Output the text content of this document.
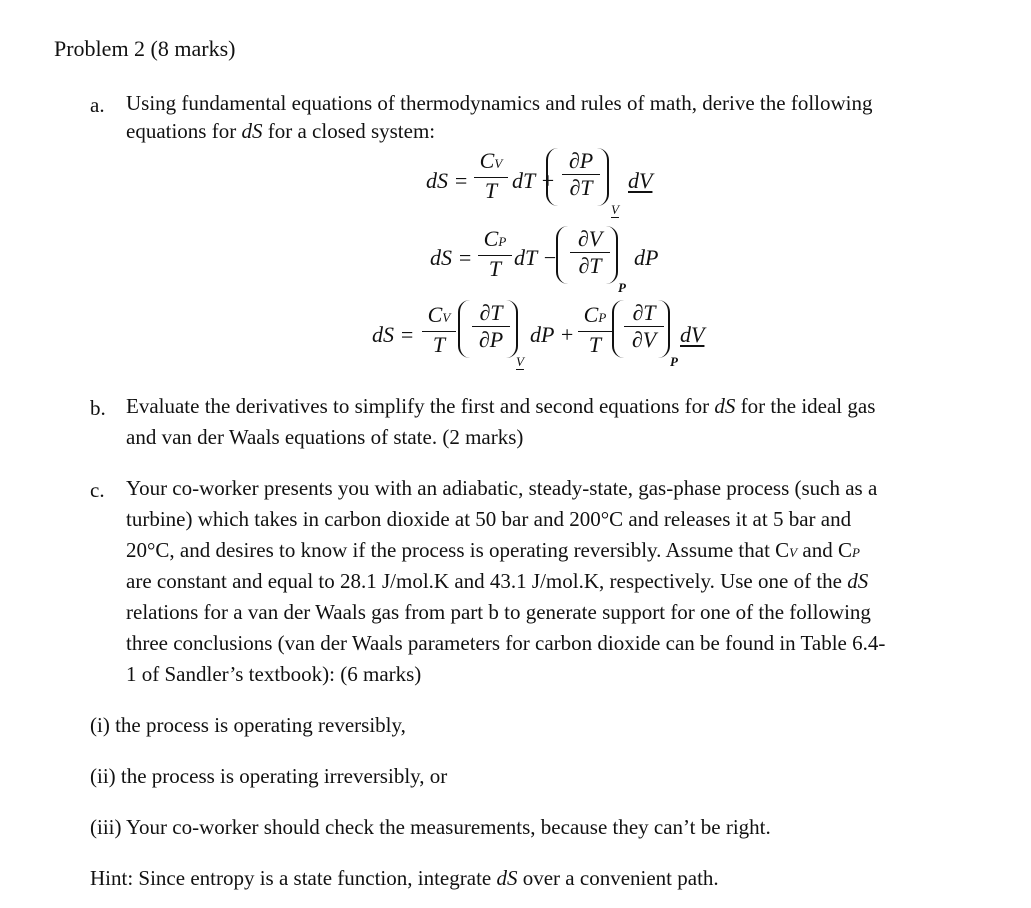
Problem 2 (8 marks)
a. Using fundamental equations of thermodynamics and rules of math, derive the following
equations for dS for a closed system:
dS =
CV
T dT +
∂P
∂T
V
dV
dS =
CP
T dT −
∂V
∂T
P
dP
dS =
CV
T
∂T
∂P
V
dP +
CP
T
∂T
∂V
P
dV
b. Evaluate the derivatives to simplify the first and second equations for dS for the ideal gas
and van der Waals equations of state. (2 marks)
c. Your co-worker presents you with an adiabatic, steady-state, gas-phase process (such as a
turbine) which takes in carbon dioxide at 50 bar and 200°C and releases it at 5 bar and
20°C, and desires to know if the process is operating reversibly. Assume that CV and CP
are constant and equal to 28.1 J/mol.K and 43.1 J/mol.K, respectively. Use one of the dS
relations for a van der Waals gas from part b to generate support for one of the following
three conclusions (van der Waals parameters for carbon dioxide can be found in Table 6.4-
1 of Sandler’s textbook): (6 marks)
(i) the process is operating reversibly,
(ii) the process is operating irreversibly, or
(iii) Your co-worker should check the measurements, because they can’t be right.
Hint: Since entropy is a state function, integrate dS over a convenient path.
